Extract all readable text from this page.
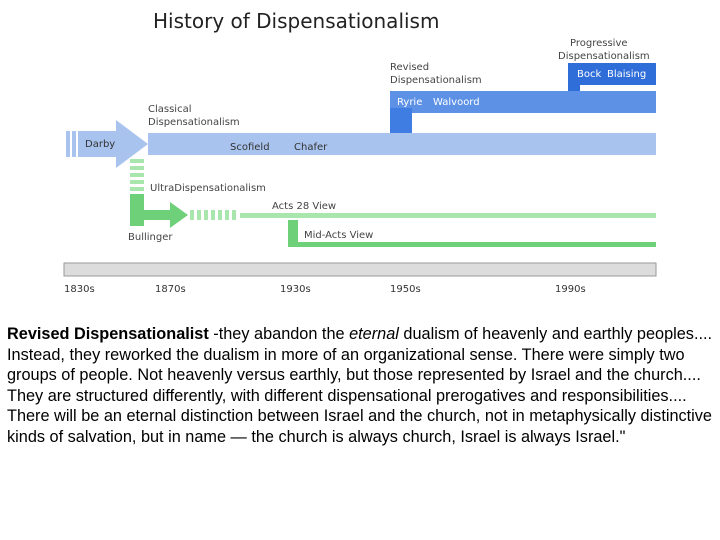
History of Dispensationalism
Progressive
Dispensationalism
Bock Blaising
Revised
Dispensationalism
Ryrie Walvoord
Classical
Dispensationalism
Darby	Scofield Chafer
UltraDispensationalism
Bullinger
Acts 28 View
Mid-Acts View
1830s	1870s	1930s	1950s	1990s
Revised Dispensationalist -they abandon the eternal dualism of heavenly and earthly peoples.... Instead, they reworked the dualism in more of an organizational sense. There were simply two groups of people. Not heavenly versus earthly, but those represented by Israel and the church.... They are structured differently, with different dispensational prerogatives and responsibilities.... There will be an eternal distinction between Israel and the church, not in metaphysically distinctive kinds of salvation, but in name — the church is always church, Israel is always Israel."
